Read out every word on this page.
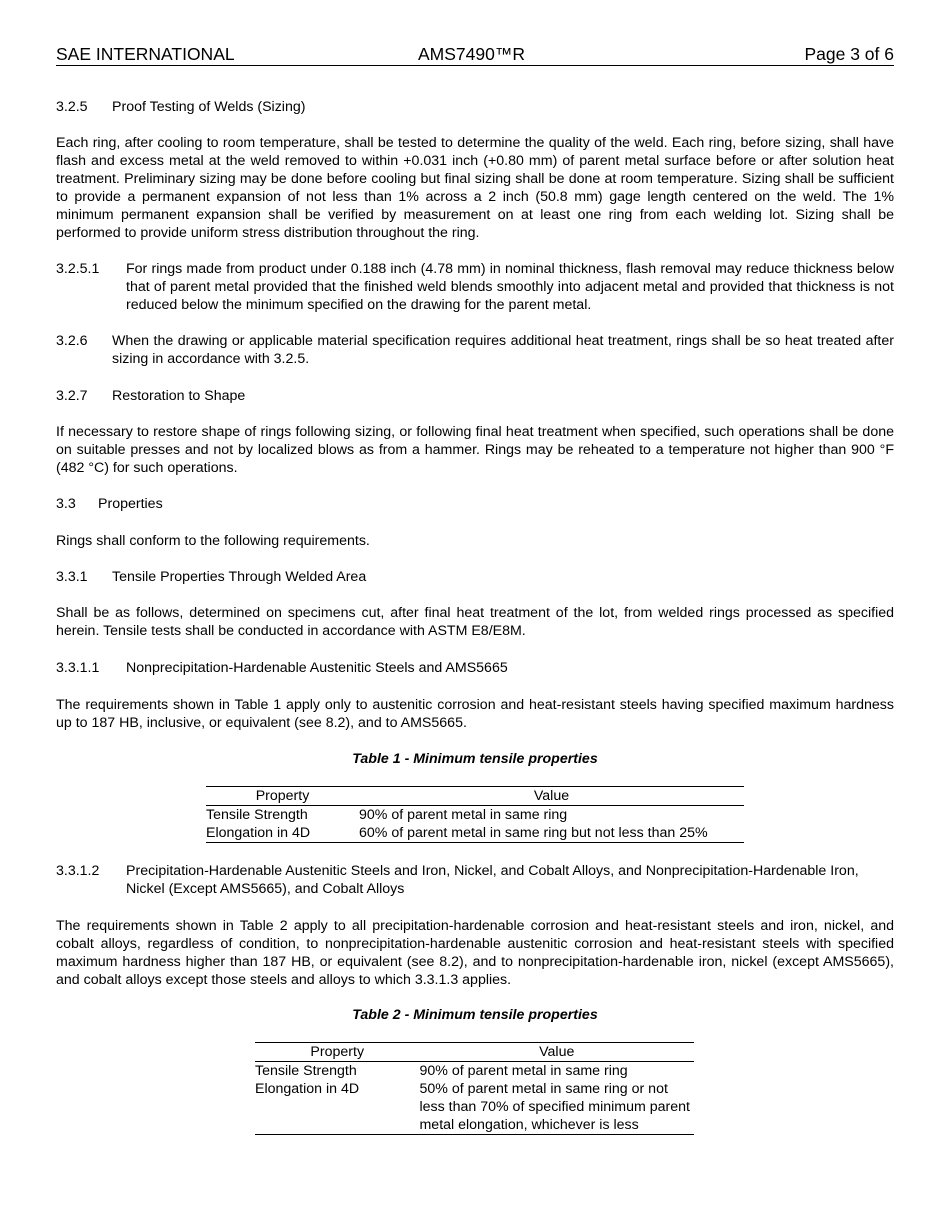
SAE INTERNATIONAL	AMS7490™R	Page 3 of 6
3.2.5 Proof Testing of Welds (Sizing)

Each ring, after cooling to room temperature, shall be tested to determine the quality of the weld. Each ring, before sizing, shall have flash and excess metal at the weld removed to within +0.031 inch (+0.80 mm) of parent metal surface before or after solution heat treatment. Preliminary sizing may be done before cooling but final sizing shall be done at room temperature. Sizing shall be sufficient to provide a permanent expansion of not less than 1% across a 2 inch (50.8 mm) gage length centered on the weld. The 1% minimum permanent expansion shall be verified by measurement on at least one ring from each welding lot. Sizing shall be performed to provide uniform stress distribution throughout the ring.

3.2.5.1 For rings made from product under 0.188 inch (4.78 mm) in nominal thickness, flash removal may reduce thickness below that of parent metal provided that the finished weld blends smoothly into adjacent metal and provided that thickness is not reduced below the minimum specified on the drawing for the parent metal.
3.2.6 When the drawing or applicable material specification requires additional heat treatment, rings shall be so heat treated after sizing in accordance with 3.2.5.
3.2.7 Restoration to Shape

If necessary to restore shape of rings following sizing, or following final heat treatment when specified, such operations shall be done on suitable presses and not by localized blows as from a hammer. Rings may be reheated to a temperature not higher than 900 °F (482 °C) for such operations.

3.3 Properties

Rings shall conform to the following requirements.

3.3.1 Tensile Properties Through Welded Area

Shall be as follows, determined on specimens cut, after final heat treatment of the lot, from welded rings processed as specified herein. Tensile tests shall be conducted in accordance with ASTM E8/E8M.

3.3.1.1 Nonprecipitation-Hardenable Austenitic Steels and AMS5665

The requirements shown in Table 1 apply only to austenitic corrosion and heat-resistant steels having specified maximum hardness up to 187 HB, inclusive, or equivalent (see 8.2), and to AMS5665.

Table 1 - Minimum tensile properties
Property	Value
Tensile Strength	90% of parent metal in same ring
Elongation in 4D	60% of parent metal in same ring but not less than 25%
3.3.1.2 Precipitation-Hardenable Austenitic Steels and Iron, Nickel, and Cobalt Alloys, and Nonprecipitation-Hardenable Iron, Nickel (Except AMS5665), and Cobalt Alloys

The requirements shown in Table 2 apply to all precipitation-hardenable corrosion and heat-resistant steels and iron, nickel, and cobalt alloys, regardless of condition, to nonprecipitation-hardenable austenitic corrosion and heat-resistant steels with specified maximum hardness higher than 187 HB, or equivalent (see 8.2), and to nonprecipitation-hardenable iron, nickel (except AMS5665), and cobalt alloys except those steels and alloys to which 3.3.1.3 applies.

Table 2 - Minimum tensile properties
Property	Value
Tensile Strength	90% of parent metal in same ring
Elongation in 4D	50% of parent metal in same ring or not less than 70% of specified minimum parent metal elongation, whichever is less
